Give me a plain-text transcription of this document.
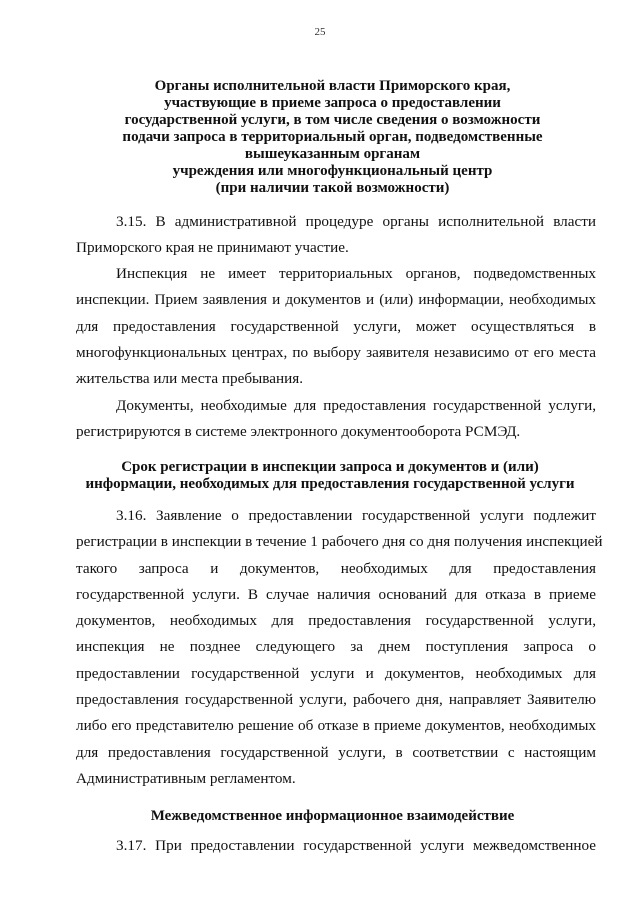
25
Органы исполнительной власти Приморского края,
участвующие в приеме запроса о предоставлении
государственной услуги, в том числе сведения о возможности
подачи запроса в территориальный орган, подведомственные
вышеуказанным органам
учреждения или многофункциональный центр
(при наличии такой возможности)
3.15. В административной процедуре органы исполнительной власти
Приморского края не принимают участие.
Инспекция не имеет территориальных органов, подведомственных
инспекции. Прием заявления и документов и (или) информации, необходимых
для предоставления государственной услуги, может осуществляться в
многофункциональных центрах, по выбору заявителя независимо от его места
жительства или места пребывания.
Документы, необходимые для предоставления государственной услуги,
регистрируются в системе электронного документооборота РСМЭД.
Срок регистрации в инспекции запроса и документов и (или)
информации, необходимых для предоставления государственной услуги
3.16. Заявление о предоставлении государственной услуги подлежит
регистрации в инспекции в течение 1 рабочего дня со дня получения инспекцией
такого запроса и документов, необходимых для предоставления
государственной услуги. В случае наличия оснований для отказа в приеме
документов, необходимых для предоставления государственной услуги,
инспекция не позднее следующего за днем поступления запроса о
предоставлении государственной услуги и документов, необходимых для
предоставления государственной услуги, рабочего дня, направляет Заявителю
либо его представителю решение об отказе в приеме документов, необходимых
для предоставления государственной услуги, в соответствии с настоящим
Административным регламентом.
Межведомственное информационное взаимодействие
3.17. При предоставлении государственной услуги межведомственное
